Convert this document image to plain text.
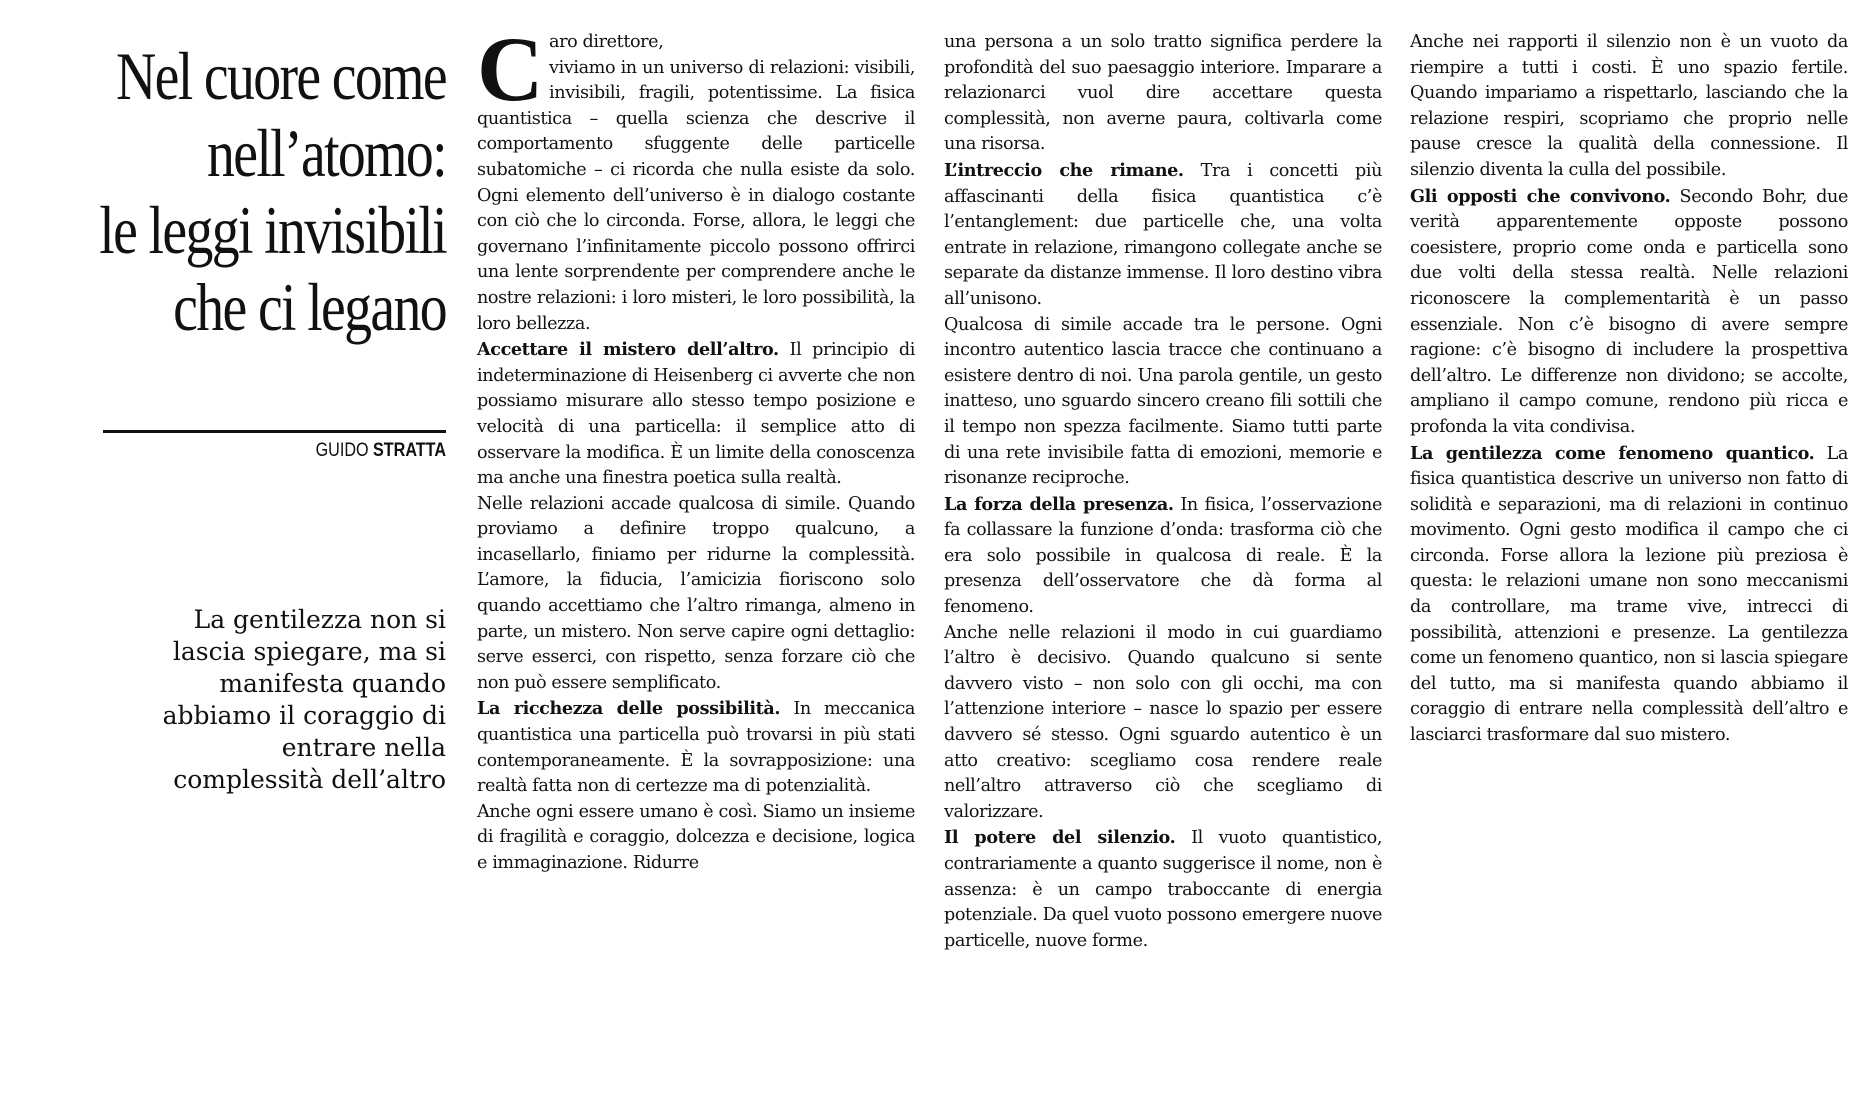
Nel cuore come
nell’atomo:
le leggi invisibili
che ci legano
GUIDO STRATTA
La gentilezza non si lascia spiegare, ma si manifesta quando abbiamo il coraggio di entrare nella complessità dell’altro

Caro direttore,
viviamo in un universo di relazioni: visibili, invisibili, fragili, potentissime. La fisica quantistica – quella scienza che descrive il comportamento sfuggente delle particelle subatomiche – ci ricorda che nulla esiste da solo. Ogni elemento dell’universo è in dialogo costante con ciò che lo circonda. Forse, allora, le leggi che governano l’infinitamente piccolo possono offrirci una lente sorprendente per comprendere anche le nostre relazioni: i loro misteri, le loro possibilità, la loro bellezza.

Accettare il mistero dell’altro. Il principio di indeterminazione di Heisenberg ci avverte che non possiamo misurare allo stesso tempo posizione e velocità di una particella: il semplice atto di osservare la modifica. È un limite della conoscenza ma anche una finestra poetica sulla realtà.

Nelle relazioni accade qualcosa di simile. Quando proviamo a definire troppo qualcuno, a incasellarlo, finiamo per ridurne la complessità. L’amore, la fiducia, l’amicizia fioriscono solo quando accettiamo che l’altro rimanga, almeno in parte, un mistero. Non serve capire ogni dettaglio: serve esserci, con rispetto, senza forzare ciò che non può essere semplificato.

La ricchezza delle possibilità. In meccanica quantistica una particella può trovarsi in più stati contemporaneamente. È la sovrapposizione: una realtà fatta non di certezze ma di potenzialità.

Anche ogni essere umano è così. Siamo un insieme di fragilità e coraggio, dolcezza e decisione, logica e immaginazione. Ridurre

una persona a un solo tratto significa perdere la profondità del suo paesaggio interiore. Imparare a relazionarci vuol dire accettare questa complessità, non averne paura, coltivarla come una risorsa.

L’intreccio che rimane. Tra i concetti più affascinanti della fisica quantistica c’è l’entanglement: due particelle che, una volta entrate in relazione, rimangono collegate anche se separate da distanze immense. Il loro destino vibra all’unisono.

Qualcosa di simile accade tra le persone. Ogni incontro autentico lascia tracce che continuano a esistere dentro di noi. Una parola gentile, un gesto inatteso, uno sguardo sincero creano fili sottili che il tempo non spezza facilmente. Siamo tutti parte di una rete invisibile fatta di emozioni, memorie e risonanze reciproche.

La forza della presenza. In fisica, l’osservazione fa collassare la funzione d’onda: trasforma ciò che era solo possibile in qualcosa di reale. È la presenza dell’osservatore che dà forma al fenomeno.

Anche nelle relazioni il modo in cui guardiamo l’altro è decisivo. Quando qualcuno si sente davvero visto – non solo con gli occhi, ma con l’attenzione interiore – nasce lo spazio per essere davvero sé stesso. Ogni sguardo autentico è un atto creativo: scegliamo cosa rendere reale nell’altro attraverso ciò che scegliamo di valorizzare.

Il potere del silenzio. Il vuoto quantistico, contrariamente a quanto suggerisce il nome, non è assenza: è un campo traboccante di energia potenziale. Da quel vuoto possono emergere nuove particelle, nuove forme.

Anche nei rapporti il silenzio non è un vuoto da riempire a tutti i costi. È uno spazio fertile. Quando impariamo a rispettarlo, lasciando che la relazione respiri, scopriamo che proprio nelle pause cresce la qualità della connessione. Il silenzio diventa la culla del possibile.

Gli opposti che convivono. Secondo Bohr, due verità apparentemente opposte possono coesistere, proprio come onda e particella sono due volti della stessa realtà. Nelle relazioni riconoscere la complementarità è un passo essenziale. Non c’è bisogno di avere sempre ragione: c’è bisogno di includere la prospettiva dell’altro. Le differenze non dividono; se accolte, ampliano il campo comune, rendono più ricca e profonda la vita condivisa.

La gentilezza come fenomeno quantico. La fisica quantistica descrive un universo non fatto di solidità e separazioni, ma di relazioni in continuo movimento. Ogni gesto modifica il campo che ci circonda. Forse allora la lezione più preziosa è questa: le relazioni umane non sono meccanismi da controllare, ma trame vive, intrecci di possibilità, attenzioni e presenze. La gentilezza come un fenomeno quantico, non si lascia spiegare del tutto, ma si manifesta quando abbiamo il coraggio di entrare nella complessità dell’altro e lasciarci trasformare dal suo mistero.
